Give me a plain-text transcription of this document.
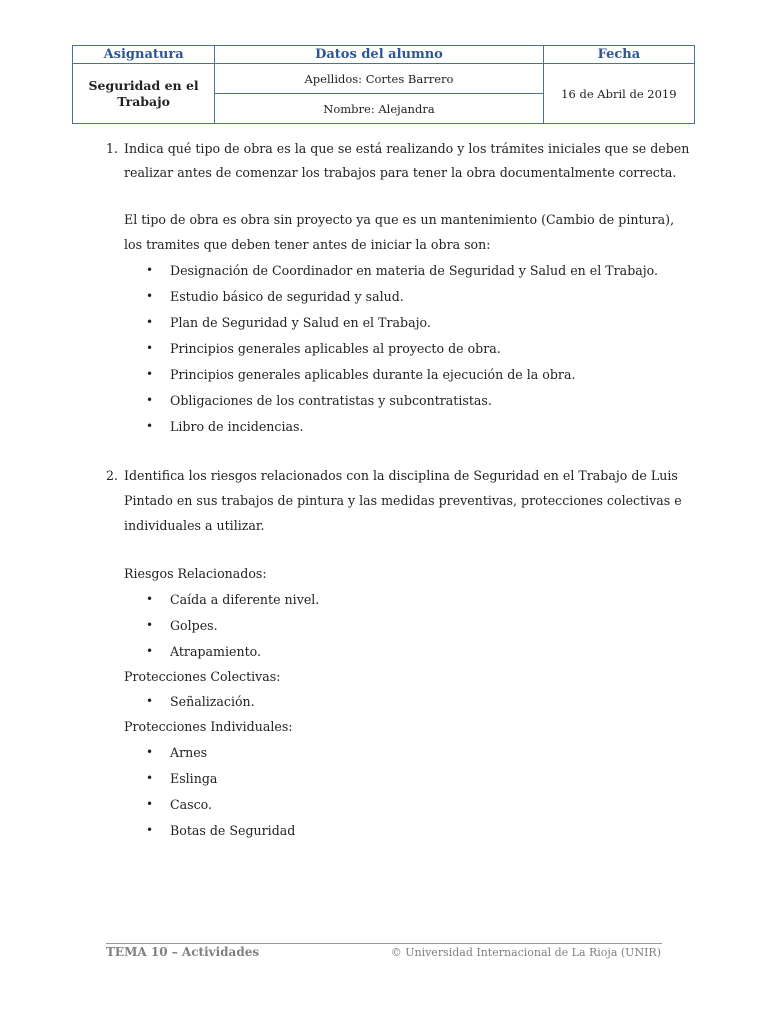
Asignatura	Datos del alumno	Fecha

Seguridad en el
Trabajo	Apellidos: Cortes Barrero	16 de Abril de 2019
	Nombre: Alejandra	
1. Indica qué tipo de obra es la que se está realizando y los trámites iniciales que se deben
realizar antes de comenzar los trabajos para tener la obra documentalmente correcta.
El tipo de obra es obra sin proyecto ya que es un mantenimiento (Cambio de pintura),
los tramites que deben tener antes de iniciar la obra son:
• Designación de Coordinador en materia de Seguridad y Salud en el Trabajo.
• Estudio básico de seguridad y salud.
• Plan de Seguridad y Salud en el Trabajo.
• Principios generales aplicables al proyecto de obra.
• Principios generales aplicables durante la ejecución de la obra.
• Obligaciones de los contratistas y subcontratistas.
• Libro de incidencias.
2. Identifica los riesgos relacionados con la disciplina de Seguridad en el Trabajo de Luis
Pintado en sus trabajos de pintura y las medidas preventivas, protecciones colectivas e
individuales a utilizar.
Riesgos Relacionados:
• Caída a diferente nivel.
• Golpes.
• Atrapamiento.
Protecciones Colectivas:
• Señalización.
Protecciones Individuales:
• Arnes
• Eslinga
• Casco.
• Botas de Seguridad
TEMA 10 – Actividades	© Universidad Internacional de La Rioja (UNIR)
